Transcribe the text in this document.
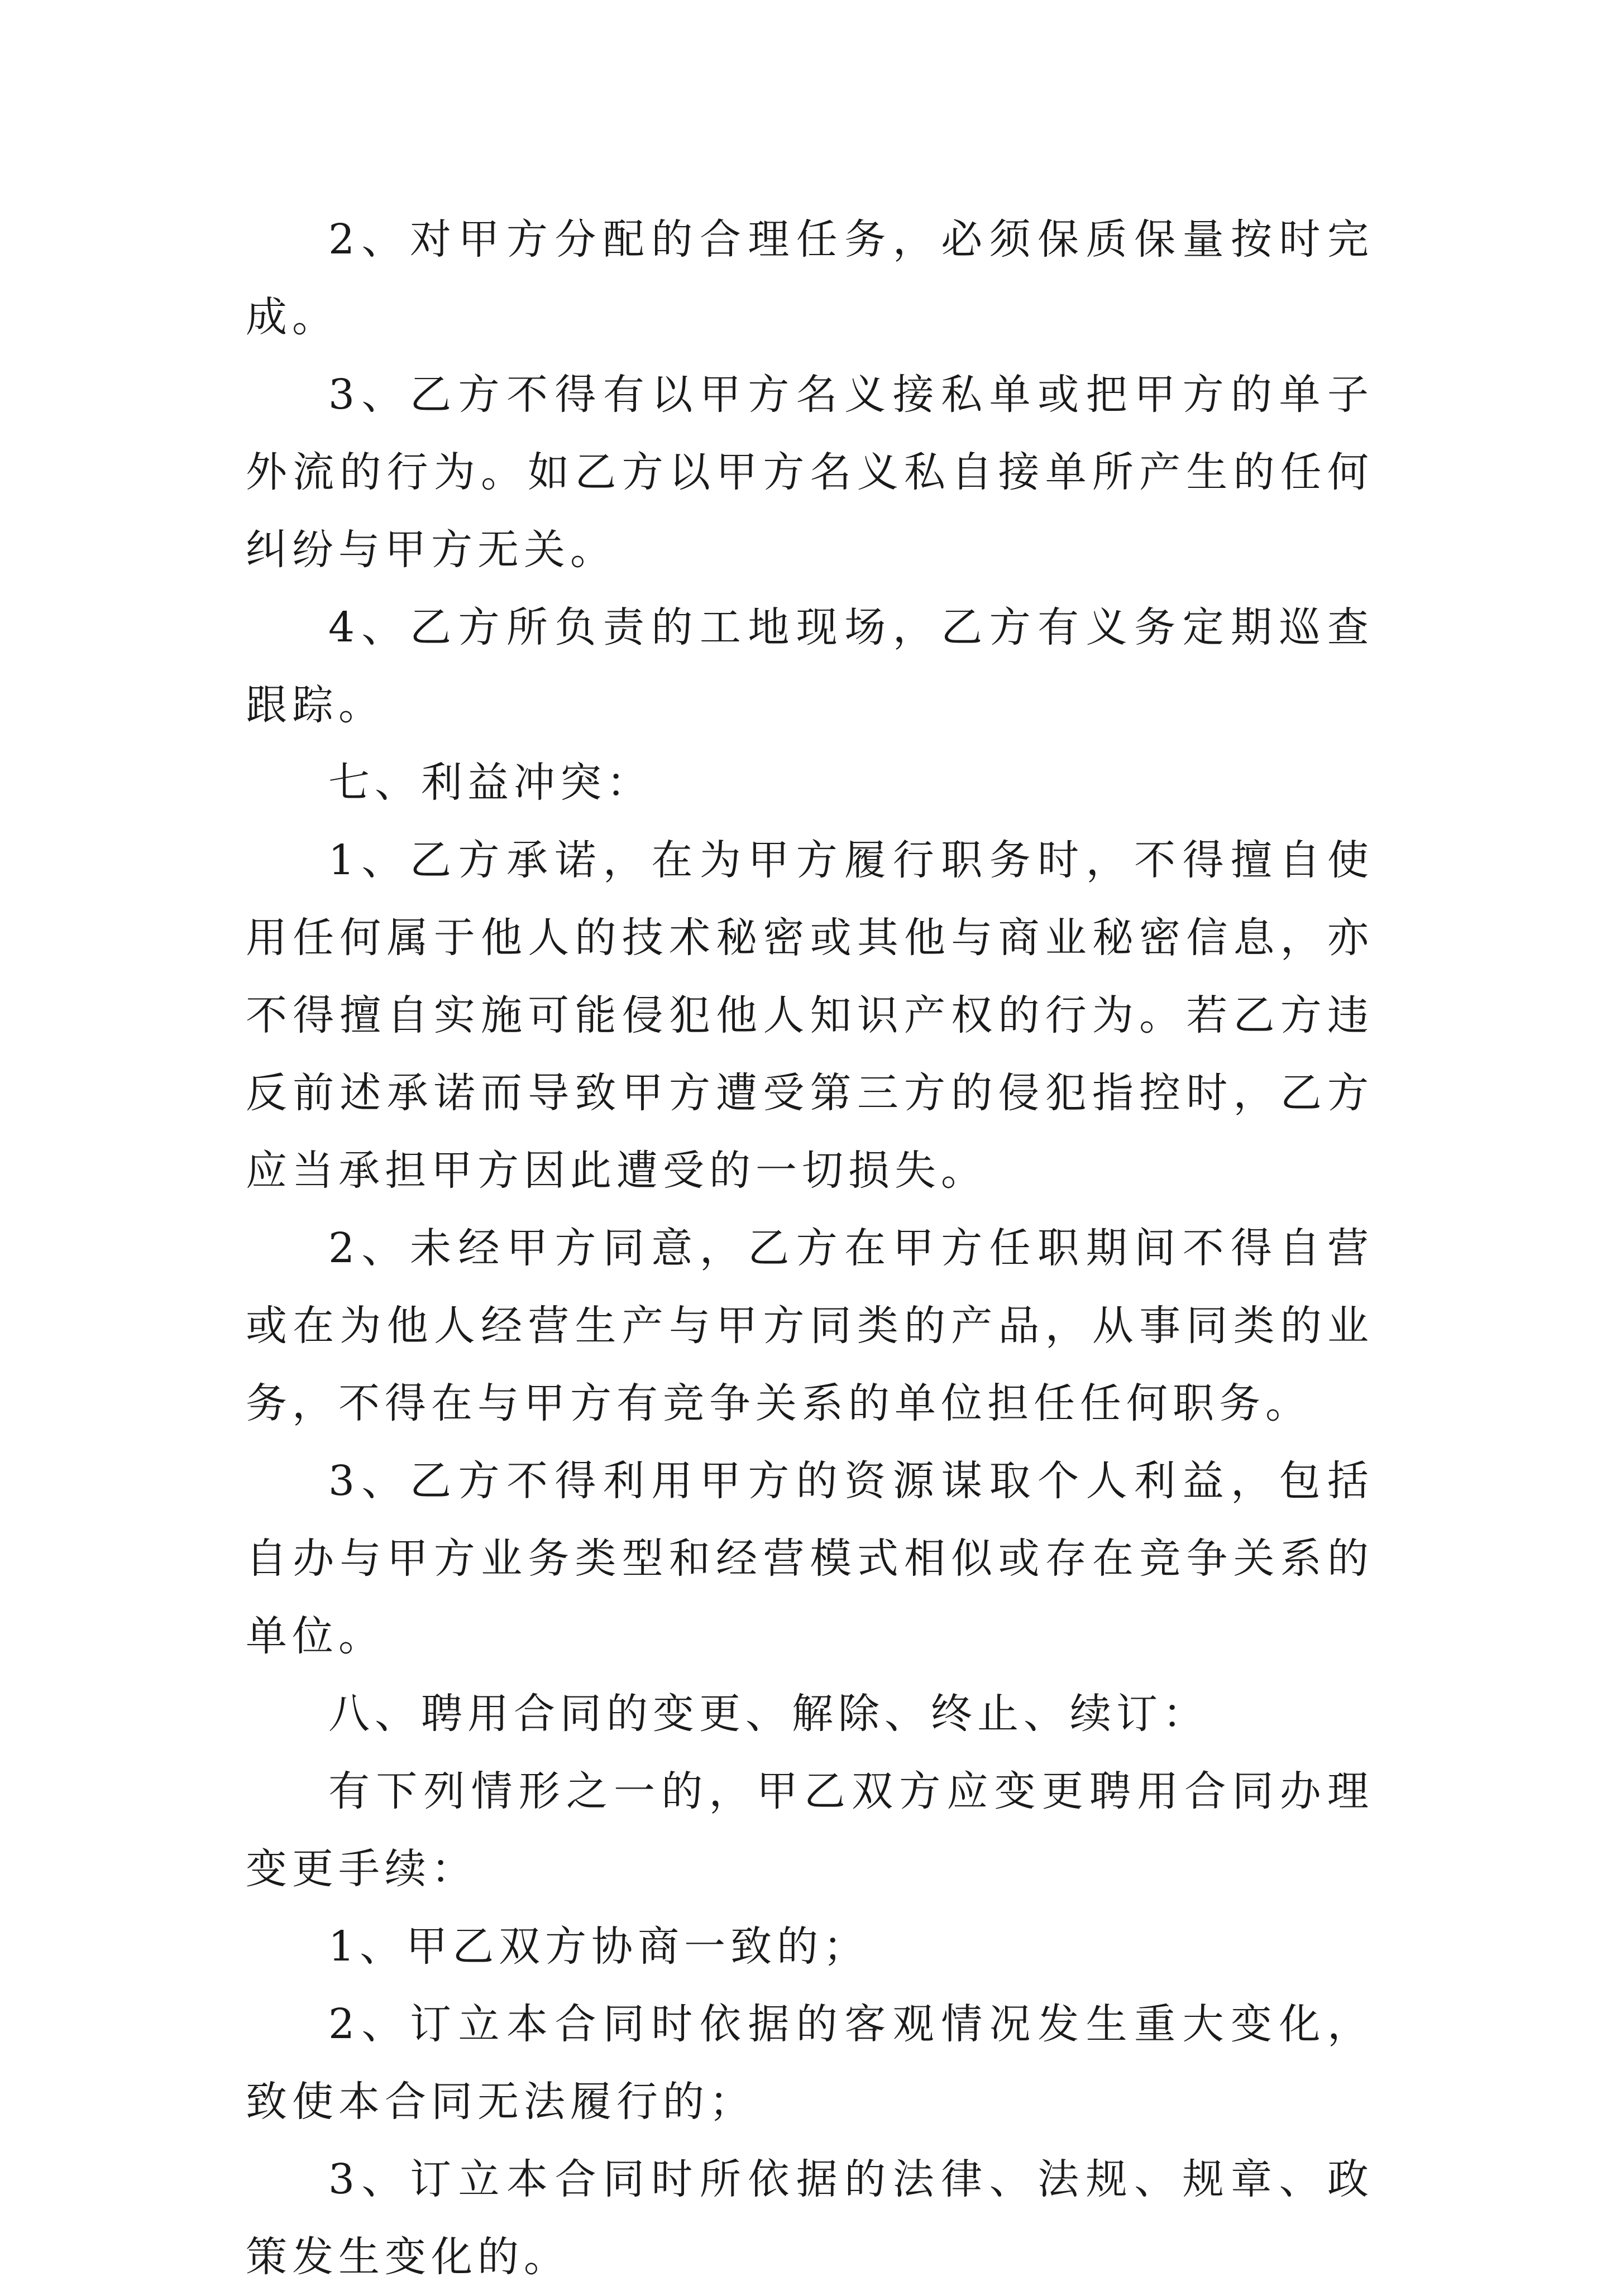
2、对甲方分配的合理任务，必须保质保量按时完成。

3、乙方不得有以甲方名义接私单或把甲方的单子外流的行为。如乙方以甲方名义私自接单所产生的任何纠纷与甲方无关。

4、乙方所负责的工地现场，乙方有义务定期巡查跟踪。

七、利益冲突：

1、乙方承诺，在为甲方履行职务时，不得擅自使用任何属于他人的技术秘密或其他与商业秘密信息，亦不得擅自实施可能侵犯他人知识产权的行为。若乙方违反前述承诺而导致甲方遭受第三方的侵犯指控时，乙方应当承担甲方因此遭受的一切损失。

2、未经甲方同意，乙方在甲方任职期间不得自营或在为他人经营生产与甲方同类的产品，从事同类的业务，不得在与甲方有竞争关系的单位担任任何职务。

3、乙方不得利用甲方的资源谋取个人利益，包括自办与甲方业务类型和经营模式相似或存在竞争关系的单位。

八、聘用合同的变更、解除、终止、续订：

有下列情形之一的，甲乙双方应变更聘用合同办理变更手续：

1、甲乙双方协商一致的；

2、订立本合同时依据的客观情况发生重大变化，致使本合同无法履行的；

3、订立本合同时所依据的法律、法规、规章、政策发生变化的。
